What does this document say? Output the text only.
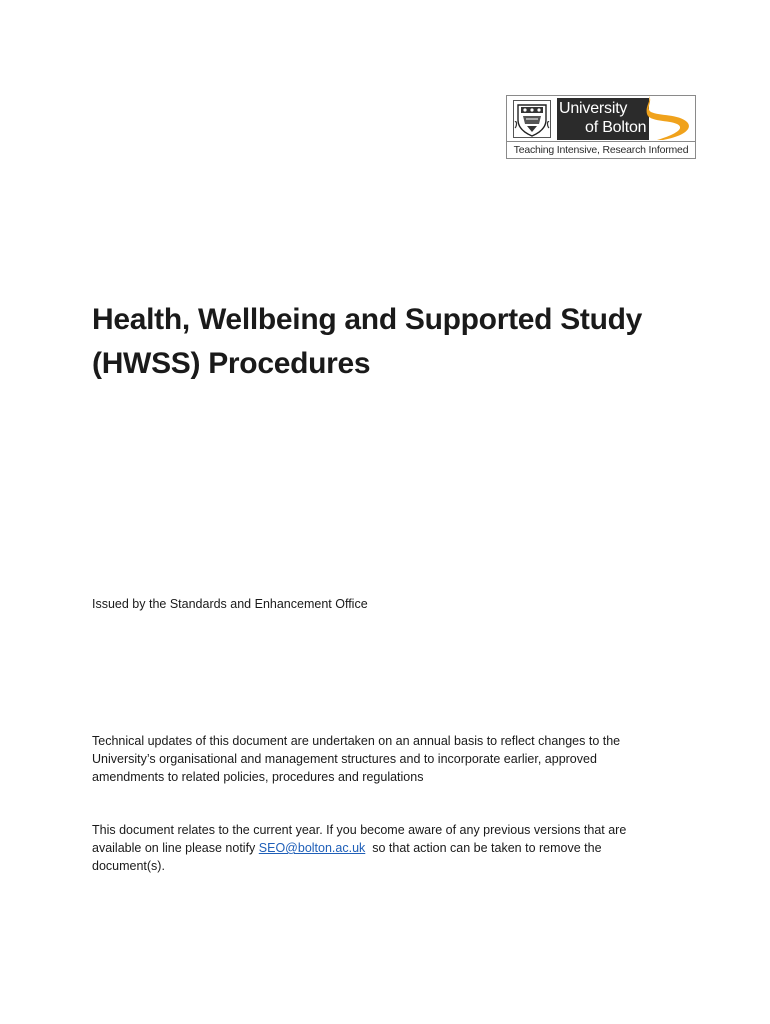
University
of Bolton
Teaching Intensive, Research Informed
Health, Wellbeing and Supported Study
(HWSS) Procedures

Issued by the Standards and Enhancement Office

Technical updates of this document are undertaken on an annual basis to reflect changes to the
University’s organisational and management structures and to incorporate earlier, approved
amendments to related policies, procedures and regulations

This document relates to the current year. If you become aware of any previous versions that are
available on line please notify SEO@bolton.ac.uk  so that action can be taken to remove the
document(s).
